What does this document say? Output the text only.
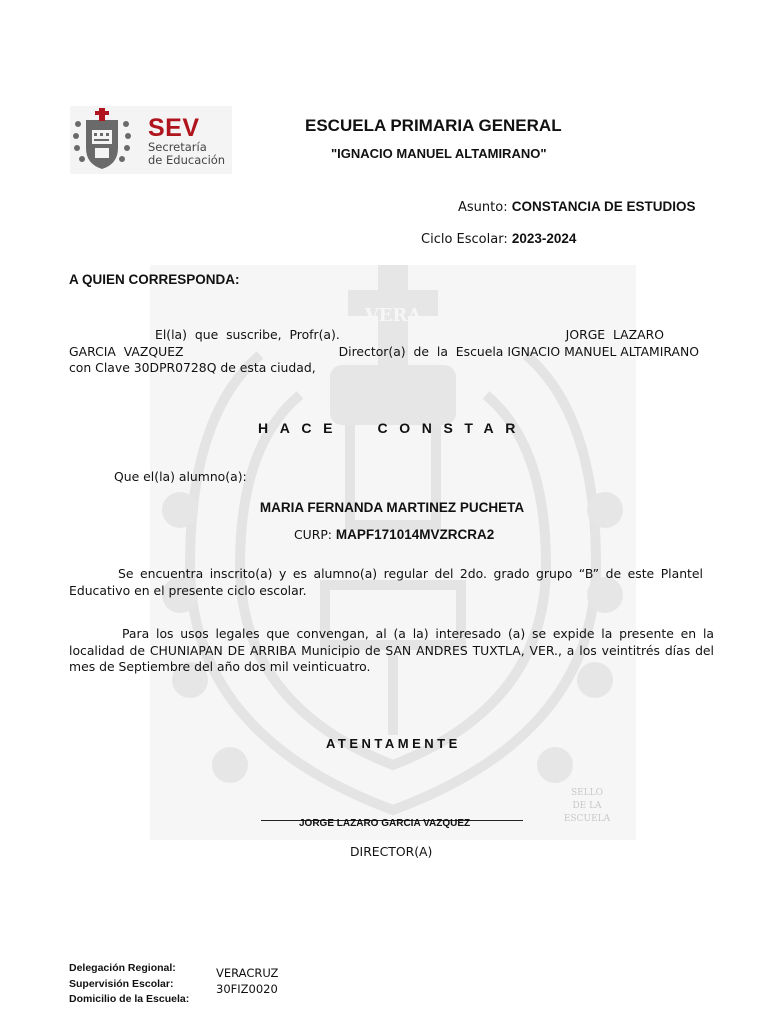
VERA
SEV
Secretaría
de Educación
ESCUELA PRIMARIA GENERAL
"IGNACIO MANUEL ALTAMIRANO"
Asunto: CONSTANCIA DE ESTUDIOS
Ciclo Escolar: 2023-2024
A QUIEN CORRESPONDA:
El(la)  que  suscribe,  Profr(a).	JORGE  LAZARO
GARCIA  VAZQUEZ	Director(a)  de  la  Escuela IGNACIO MANUEL ALTAMIRANO
con Clave 30DPR0728Q de esta ciudad,
HACE CONSTAR
Que el(la) alumno(a):
MARIA FERNANDA MARTINEZ PUCHETA
CURP: MAPF171014MVZRCRA2
Se encuentra inscrito(a) y es alumno(a) regular del 2do. grado grupo “B” de este Plantel Educativo en el presente ciclo escolar.
Para los usos legales que convengan, al (a la) interesado (a) se expide la presente en la localidad de CHUNIAPAN DE ARRIBA Municipio de SAN ANDRES TUXTLA, VER., a los veintitrés días del mes de Septiembre del año dos mil veinticuatro.
ATENTAMENTE
SELLO
DE LA
ESCUELA
JORGE LAZARO GARCIA VAZQUEZ
DIRECTOR(A)
Delegación Regional:
Supervisión Escolar:
Domicilio de la Escuela:
VERACRUZ
30FIZ0020
